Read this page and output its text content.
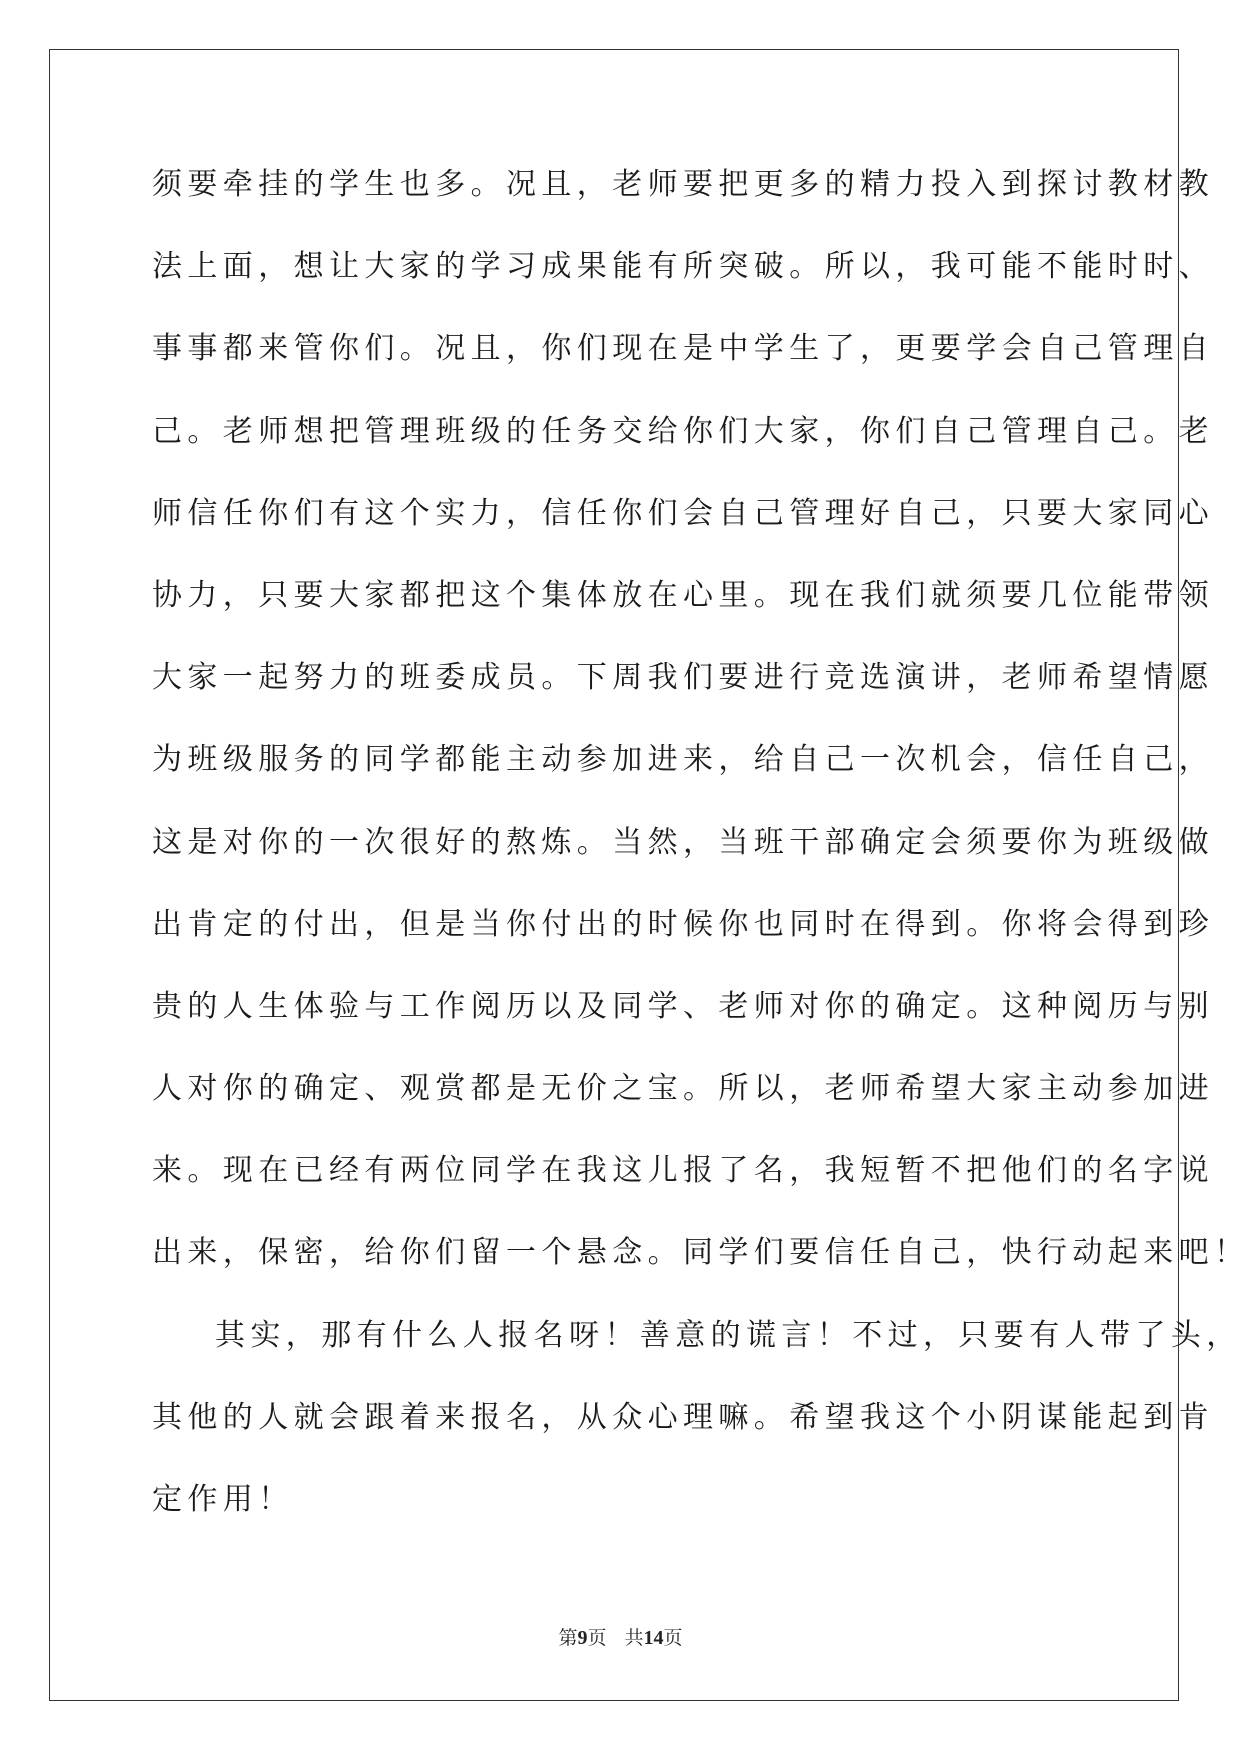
须要牵挂的学生也多。况且，老师要把更多的精力投入到探讨教材教
法上面，想让大家的学习成果能有所突破。所以，我可能不能时时、
事事都来管你们。况且，你们现在是中学生了，更要学会自己管理自
己。老师想把管理班级的任务交给你们大家，你们自己管理自己。老
师信任你们有这个实力，信任你们会自己管理好自己，只要大家同心
协力，只要大家都把这个集体放在心里。现在我们就须要几位能带领
大家一起努力的班委成员。下周我们要进行竞选演讲，老师希望情愿
为班级服务的同学都能主动参加进来，给自己一次机会，信任自己，
这是对你的一次很好的熬炼。当然，当班干部确定会须要你为班级做
出肯定的付出，但是当你付出的时候你也同时在得到。你将会得到珍
贵的人生体验与工作阅历以及同学、老师对你的确定。这种阅历与别
人对你的确定、观赏都是无价之宝。所以，老师希望大家主动参加进
来。现在已经有两位同学在我这儿报了名，我短暂不把他们的名字说
出来，保密，给你们留一个悬念。同学们要信任自己，快行动起来吧！
其实，那有什么人报名呀！善意的谎言！不过，只要有人带了头，
其他的人就会跟着来报名，从众心理嘛。希望我这个小阴谋能起到肯
定作用！
第9页 共14页
